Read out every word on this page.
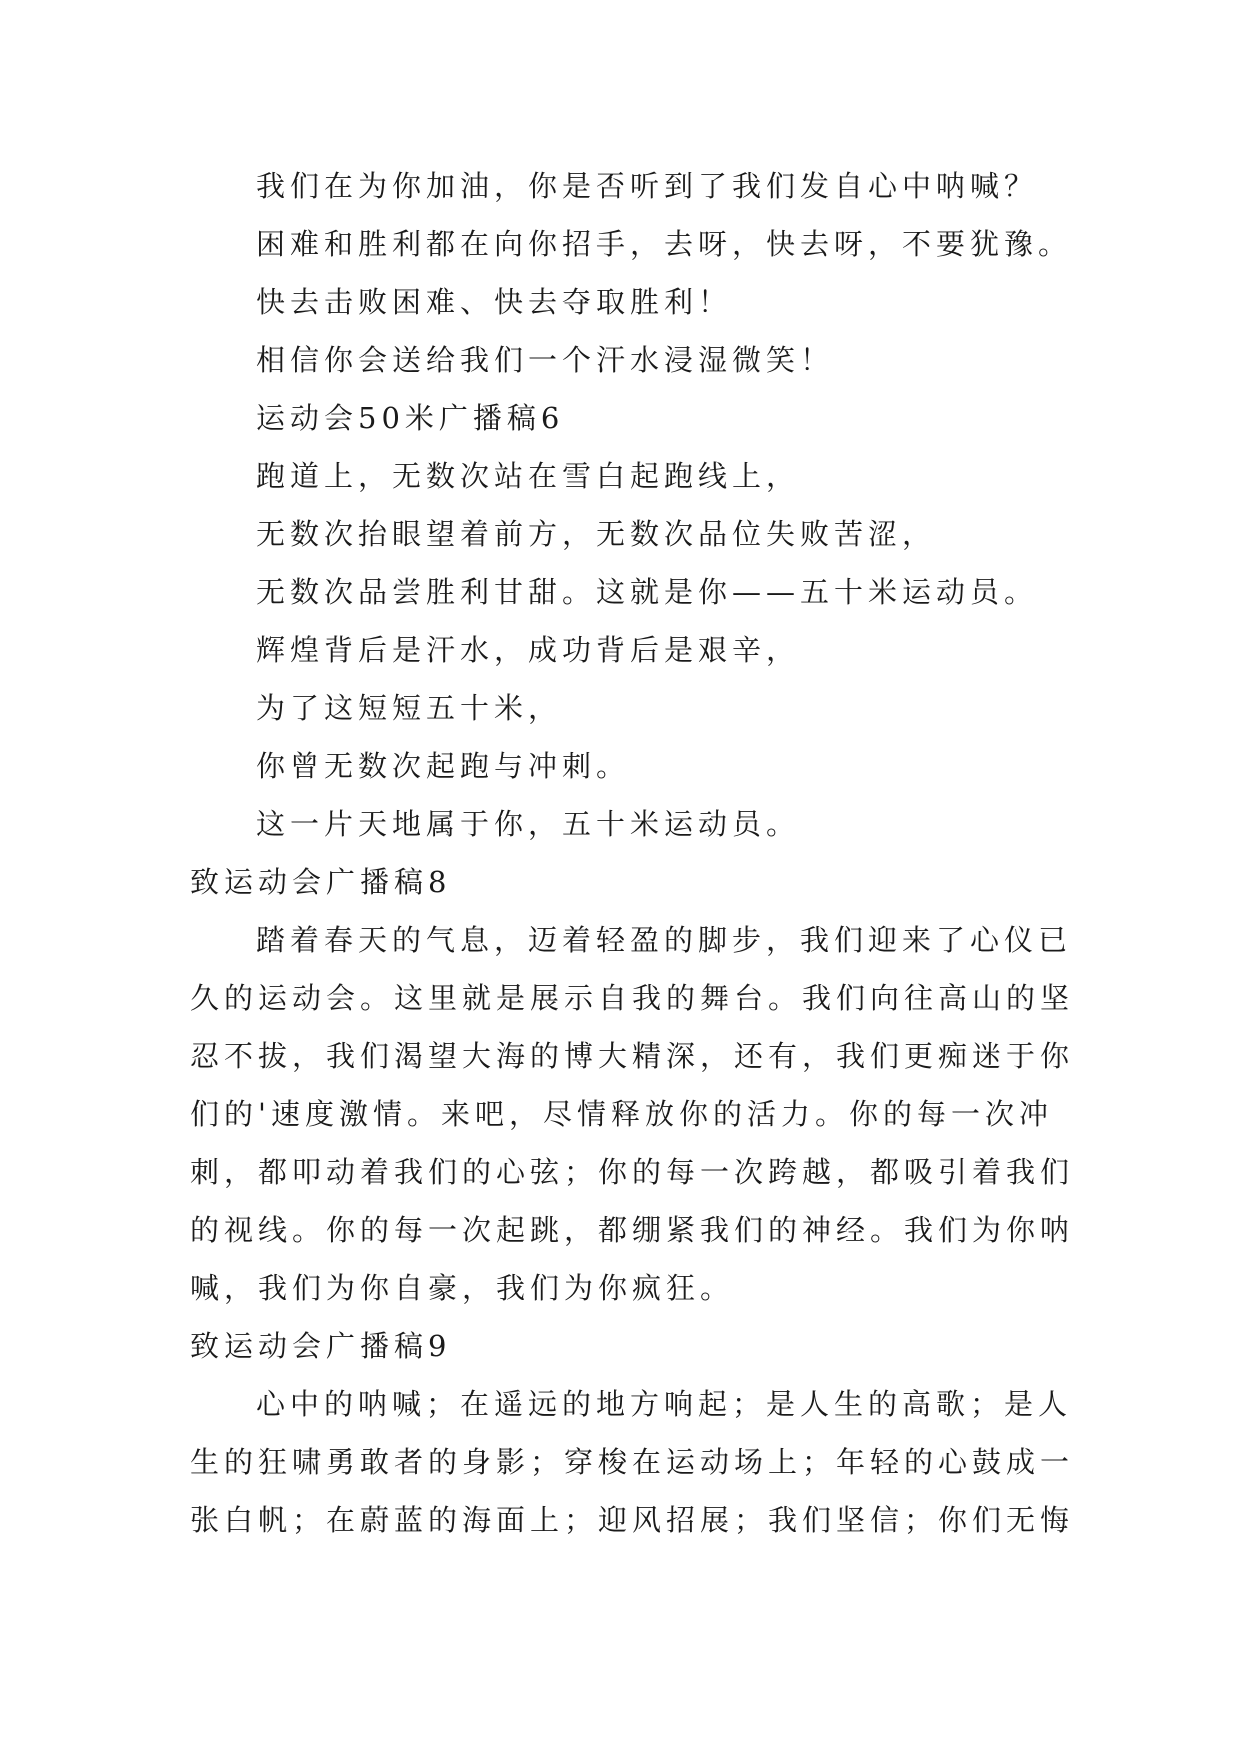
我们在为你加油，你是否听到了我们发自心中呐喊？
困难和胜利都在向你招手，去呀，快去呀，不要犹豫。
快去击败困难、快去夺取胜利！
相信你会送给我们一个汗水浸湿微笑！
运动会50米广播稿6
跑道上，无数次站在雪白起跑线上，
无数次抬眼望着前方，无数次品位失败苦涩，
无数次品尝胜利甘甜。这就是你——五十米运动员。
辉煌背后是汗水，成功背后是艰辛，
为了这短短五十米，
你曾无数次起跑与冲刺。
这一片天地属于你，五十米运动员。
致运动会广播稿8
踏着春天的气息，迈着轻盈的脚步，我们迎来了心仪已
久的运动会。这里就是展示自我的舞台。我们向往高山的坚
忍不拔，我们渴望大海的博大精深，还有，我们更痴迷于你
们的'速度激情。来吧，尽情释放你的活力。你的每一次冲
刺，都叩动着我们的心弦；你的每一次跨越，都吸引着我们
的视线。你的每一次起跳，都绷紧我们的神经。我们为你呐
喊，我们为你自豪，我们为你疯狂。
致运动会广播稿9
心中的呐喊；在遥远的地方响起；是人生的高歌；是人
生的狂啸勇敢者的身影；穿梭在运动场上；年轻的心鼓成一
张白帆；在蔚蓝的海面上；迎风招展；我们坚信；你们无悔
